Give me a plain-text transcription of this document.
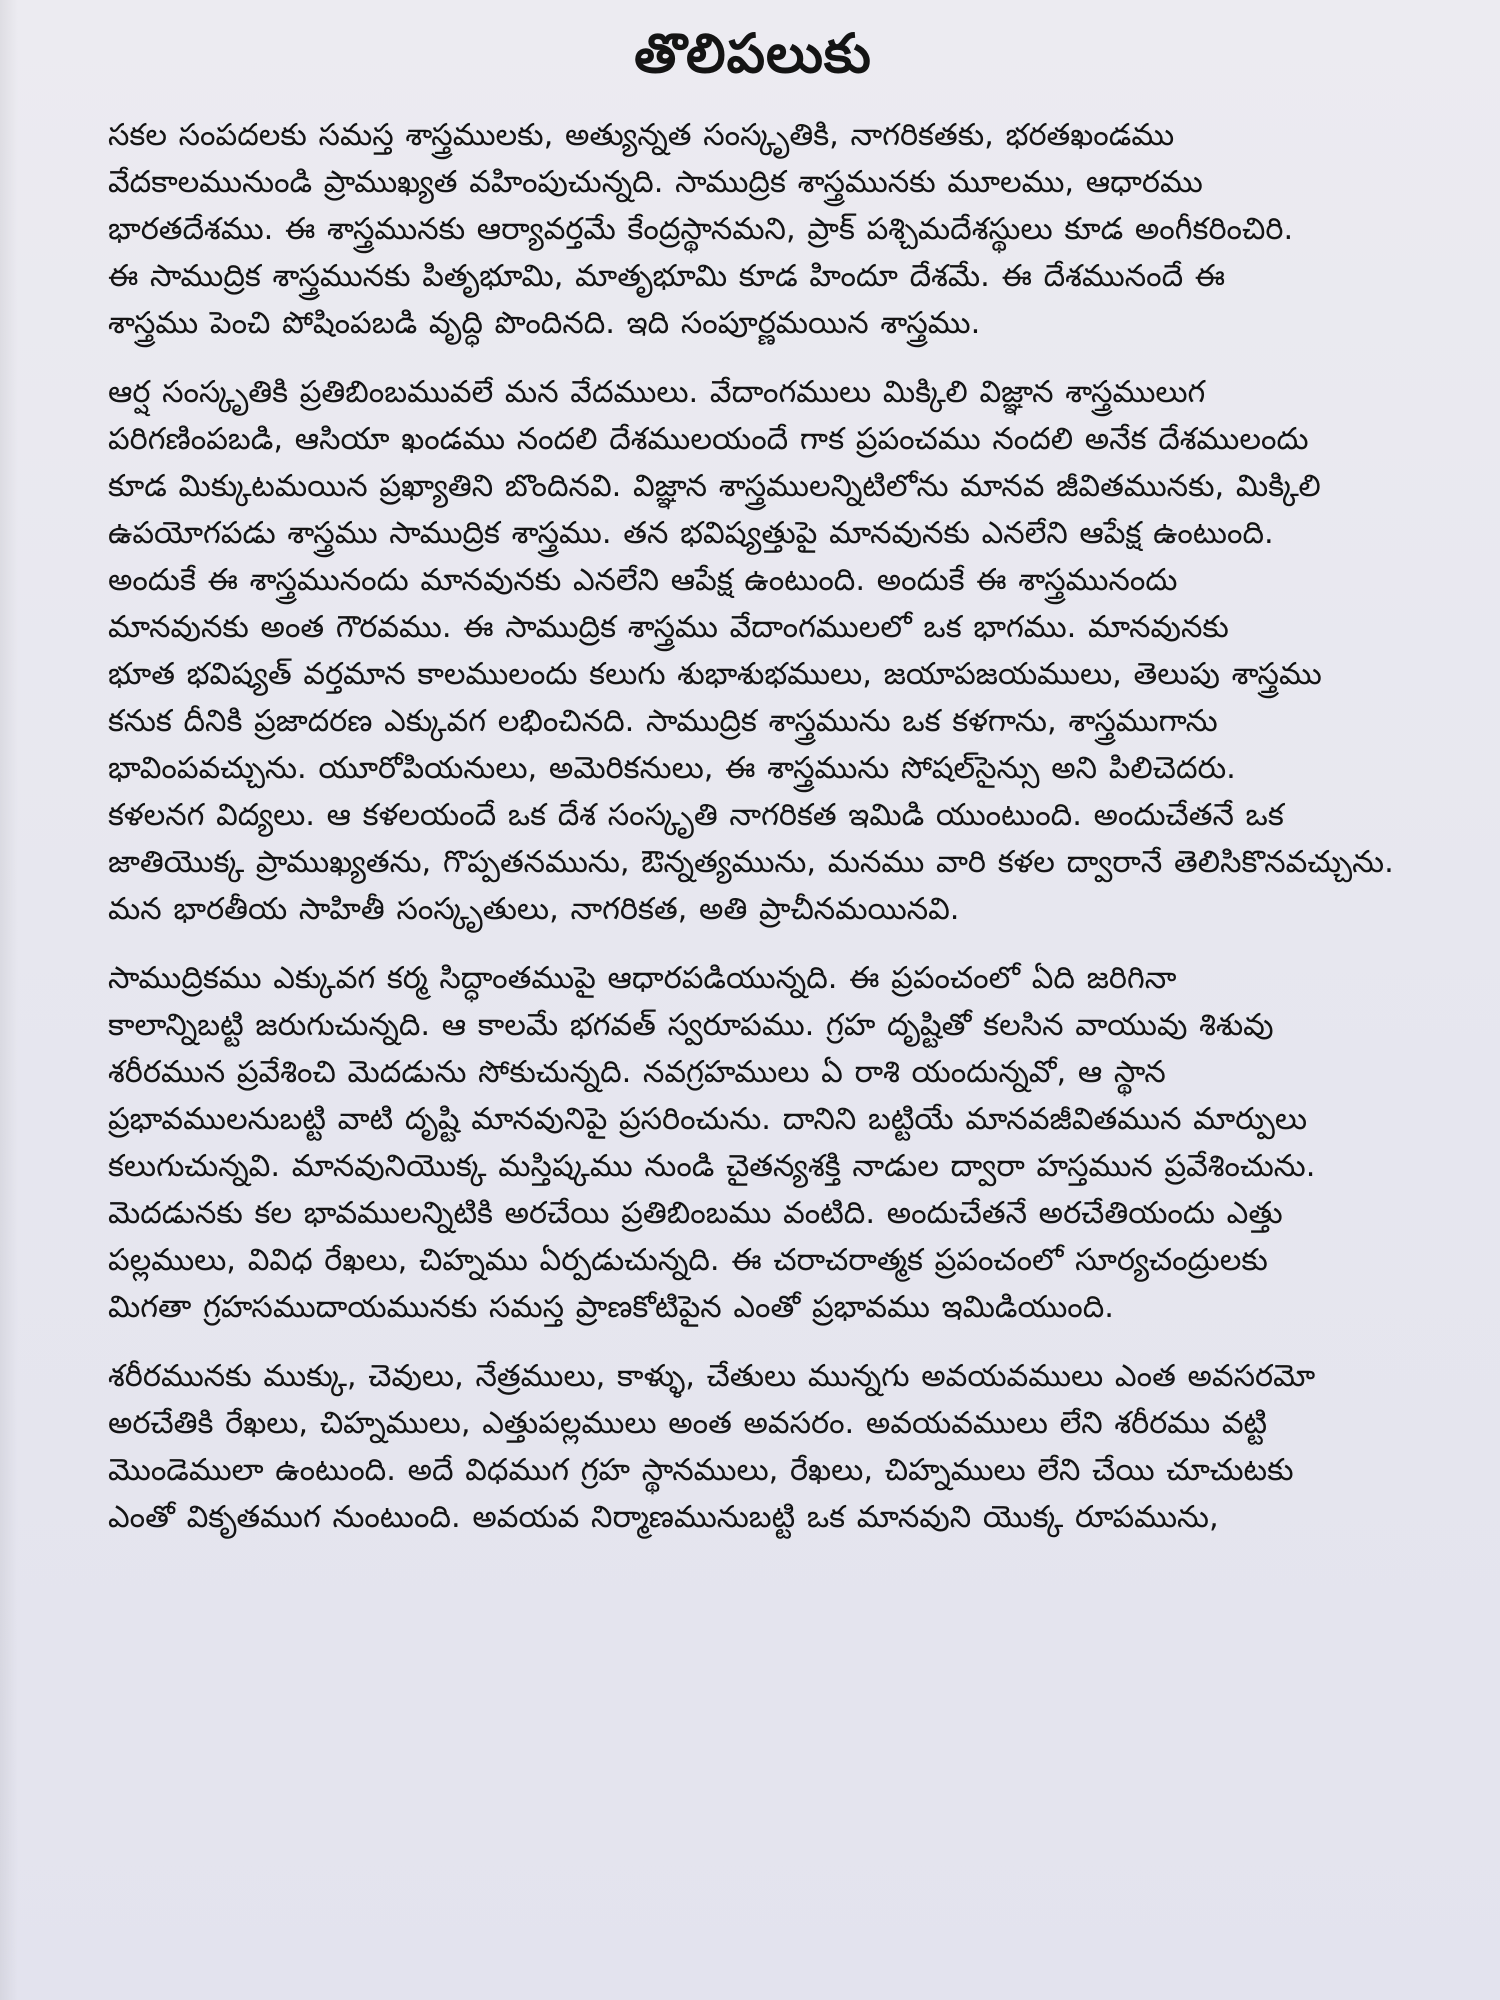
తొలిపలుకు
సకల సంపదలకు సమస్త శాస్త్రములకు, అత్యున్నత సంస్కృతికి, నాగరికతకు, భరతఖండము
వేదకాలమునుండి ప్రాముఖ్యత వహింపుచున్నది. సాముద్రిక శాస్త్రమునకు మూలము, ఆధారము
భారతదేశము. ఈ శాస్త్రమునకు ఆర్యావర్తమే కేంద్రస్థానమని, ప్రాక్ పశ్చిమదేశస్థులు కూడ అంగీకరించిరి.
ఈ సాముద్రిక శాస్త్రమునకు పితృభూమి, మాతృభూమి కూడ హిందూ దేశమే. ఈ దేశమునందే ఈ
శాస్త్రము పెంచి పోషింపబడి వృద్ధి పొందినది. ఇది సంపూర్ణమయిన శాస్త్రము.
ఆర్ష సంస్కృతికి ప్రతిబింబమువలే మన వేదములు. వేదాంగములు మిక్కిలి విజ్ఞాన శాస్త్రములుగ
పరిగణింపబడి, ఆసియా ఖండము నందలి దేశములయందే గాక ప్రపంచము నందలి అనేక దేశములందు
కూడ మిక్కుటమయిన ప్రఖ్యాతిని బొందినవి. విజ్ఞాన శాస్త్రములన్నిటిలోను మానవ జీవితమునకు, మిక్కిలి
ఉపయోగపడు శాస్త్రము సాముద్రిక శాస్త్రము. తన భవిష్యత్తుపై మానవునకు ఎనలేని ఆపేక్ష ఉంటుంది.
అందుకే ఈ శాస్త్రమునందు మానవునకు ఎనలేని ఆపేక్ష ఉంటుంది. అందుకే ఈ శాస్త్రమునందు
మానవునకు అంత గౌరవము. ఈ సాముద్రిక శాస్త్రము వేదాంగములలో ఒక భాగము. మానవునకు
భూత భవిష్యత్ వర్తమాన కాలములందు కలుగు శుభాశుభములు, జయాపజయములు, తెలుపు శాస్త్రము
కనుక దీనికి ప్రజాదరణ ఎక్కువగ లభించినది. సాముద్రిక శాస్త్రమును ఒక కళగాను, శాస్త్రముగాను
భావింపవచ్చును. యూరోపియనులు, అమెరికనులు, ఈ శాస్త్రమును సోషల్‌సైన్సు అని పిలిచెదరు.
కళలనగ విద్యలు. ఆ కళలయందే ఒక దేశ సంస్కృతి నాగరికత ఇమిడి యుంటుంది. అందుచేతనే ఒక
జాతియొక్క ప్రాముఖ్యతను, గొప్పతనమును, ఔన్నత్యమును, మనము వారి కళల ద్వారానే తెలిసికొనవచ్చును.
మన భారతీయ సాహితీ సంస్కృతులు, నాగరికత, అతి ప్రాచీనమయినవి.
సాముద్రికము ఎక్కువగ కర్మ సిద్ధాంతముపై ఆధారపడియున్నది. ఈ ప్రపంచంలో ఏది జరిగినా
కాలాన్నిబట్టి జరుగుచున్నది. ఆ కాలమే భగవత్ స్వరూపము. గ్రహ దృష్టితో కలసిన వాయువు శిశువు
శరీరమున ప్రవేశించి మెదడును సోకుచున్నది. నవగ్రహములు ఏ రాశి యందున్నవో, ఆ స్థాన
ప్రభావములనుబట్టి వాటి దృష్టి మానవునిపై ప్రసరించును. దానిని బట్టియే మానవజీవితమున మార్పులు
కలుగుచున్నవి. మానవునియొక్క మస్తిష్కము నుండి చైతన్యశక్తి నాడుల ద్వారా హస్తమున ప్రవేశించును.
మెదడునకు కల భావములన్నిటికి అరచేయి ప్రతిబింబము వంటిది. అందుచేతనే అరచేతియందు ఎత్తు
పల్లములు, వివిధ రేఖలు, చిహ్నము ఏర్పడుచున్నది. ఈ చరాచరాత్మక ప్రపంచంలో సూర్యచంద్రులకు
మిగతా గ్రహసముదాయమునకు సమస్త ప్రాణకోటిపైన ఎంతో ప్రభావము ఇమిడియుంది.
శరీరమునకు ముక్కు, చెవులు, నేత్రములు, కాళ్ళు, చేతులు మున్నగు అవయవములు ఎంత అవసరమో
అరచేతికి రేఖలు, చిహ్నములు, ఎత్తుపల్లములు అంత అవసరం. అవయవములు లేని శరీరము వట్టి
మొండెములా ఉంటుంది. అదే విధముగ గ్రహ స్థానములు, రేఖలు, చిహ్నములు లేని చేయి చూచుటకు
ఎంతో వికృతముగ నుంటుంది. అవయవ నిర్మాణమునుబట్టి ఒక మానవుని యొక్క రూపమును,
